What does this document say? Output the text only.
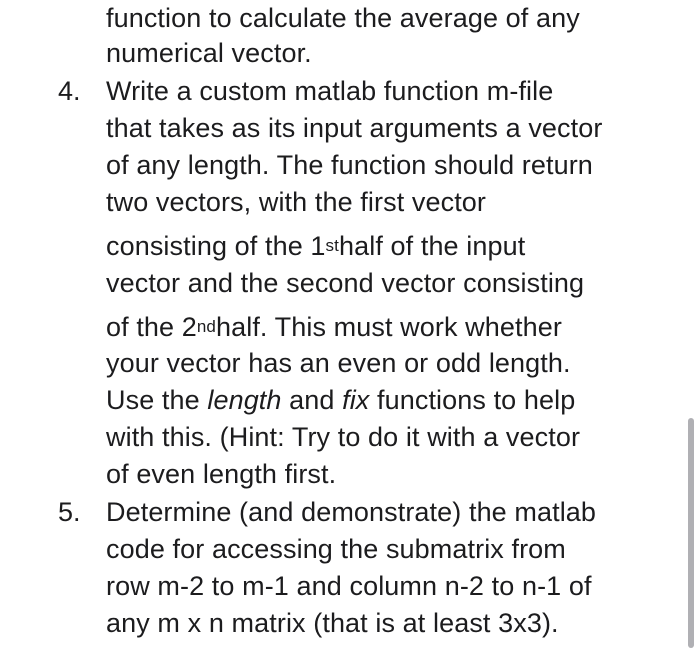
function to calculate the average of any
numerical vector.
4. Write a custom matlab function m-file
that takes as its input arguments a vector
of any length. The function should return
two vectors, with the first vector
consisting of the 1sthalf of the input
vector and the second vector consisting
of the 2ndhalf. This must work whether
your vector has an even or odd length.
Use the length and fix functions to help
with this. (Hint: Try to do it with a vector
of even length first.
5. Determine (and demonstrate) the matlab
code for accessing the submatrix from
row m-2 to m-1 and column n-2 to n-1 of
any m x n matrix (that is at least 3x3).
